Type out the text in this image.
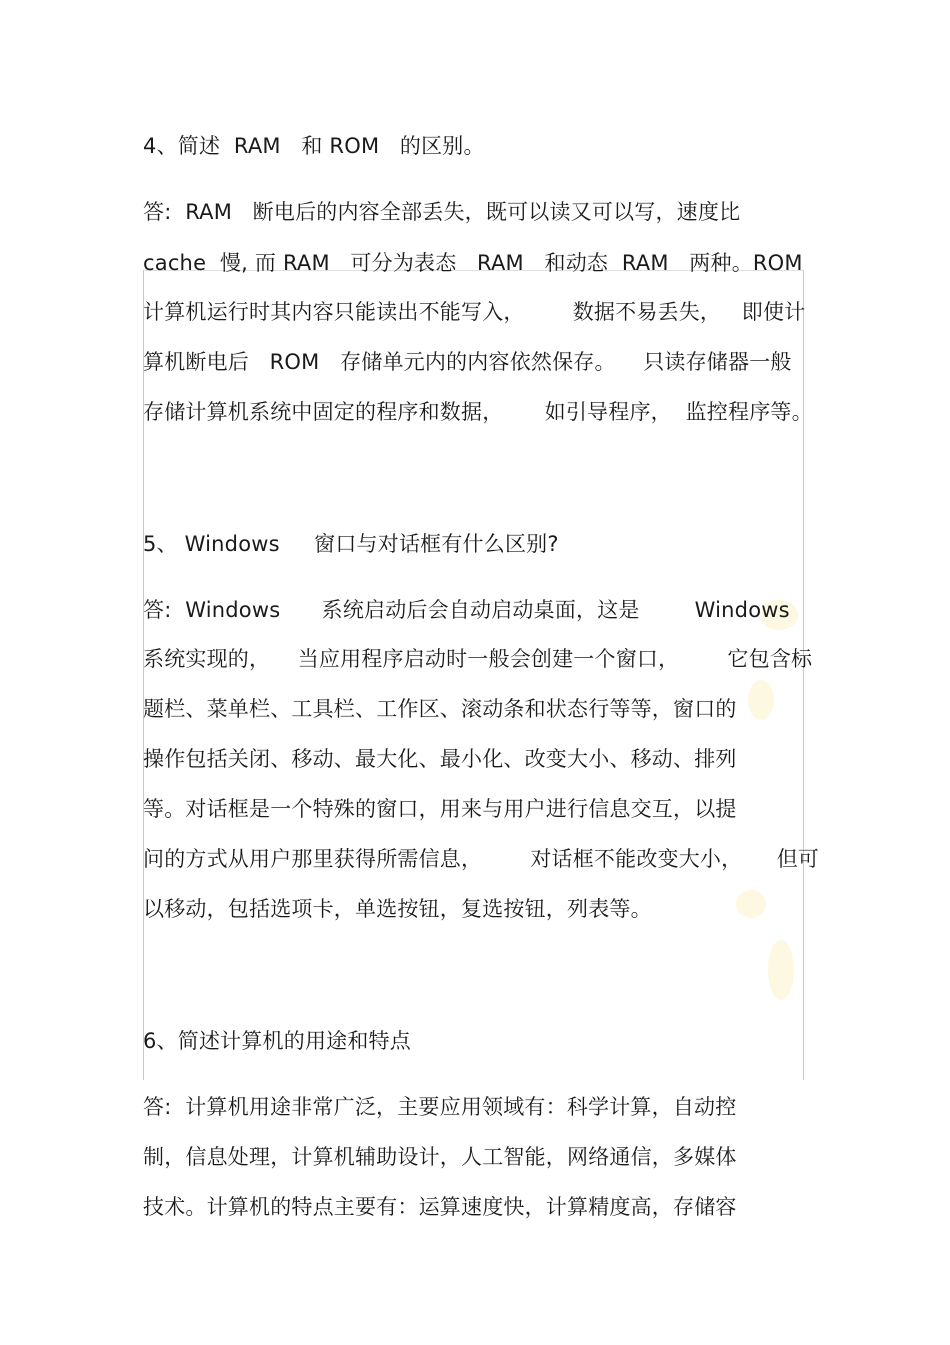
4、简述  RAM   和 ROM   的区别。
答:  RAM   断电后的内容全部丢失，既可以读又可以写，速度比
cache  慢, 而 RAM   可分为表态   RAM   和动态  RAM   两种。ROM
计算机运行时其内容只能读出不能写入，       数据不易丢失，   即使计
算机断电后   ROM   存储单元内的内容依然保存。    只读存储器一般
存储计算机系统中固定的程序和数据，      如引导程序，  监控程序等。
5、 Windows     窗口与对话框有什么区别?
答:  Windows      系统启动后会自动启动桌面，这是        Windows
系统实现的，    当应用程序启动时一般会创建一个窗口，       它包含标
题栏、菜单栏、工具栏、工作区、滚动条和状态行等等，窗口的
操作包括关闭、移动、最大化、最小化、改变大小、移动、排列
等。对话框是一个特殊的窗口，用来与用户进行信息交互，以提
问的方式从用户那里获得所需信息，       对话框不能改变大小，     但可
以移动，包括选项卡，单选按钮，复选按钮，列表等。
6、简述计算机的用途和特点
答:  计算机用途非常广泛，主要应用领域有：科学计算，自动控
制，信息处理，计算机辅助设计，人工智能，网络通信，多媒体
技术。计算机的特点主要有：运算速度快，计算精度高，存储容
